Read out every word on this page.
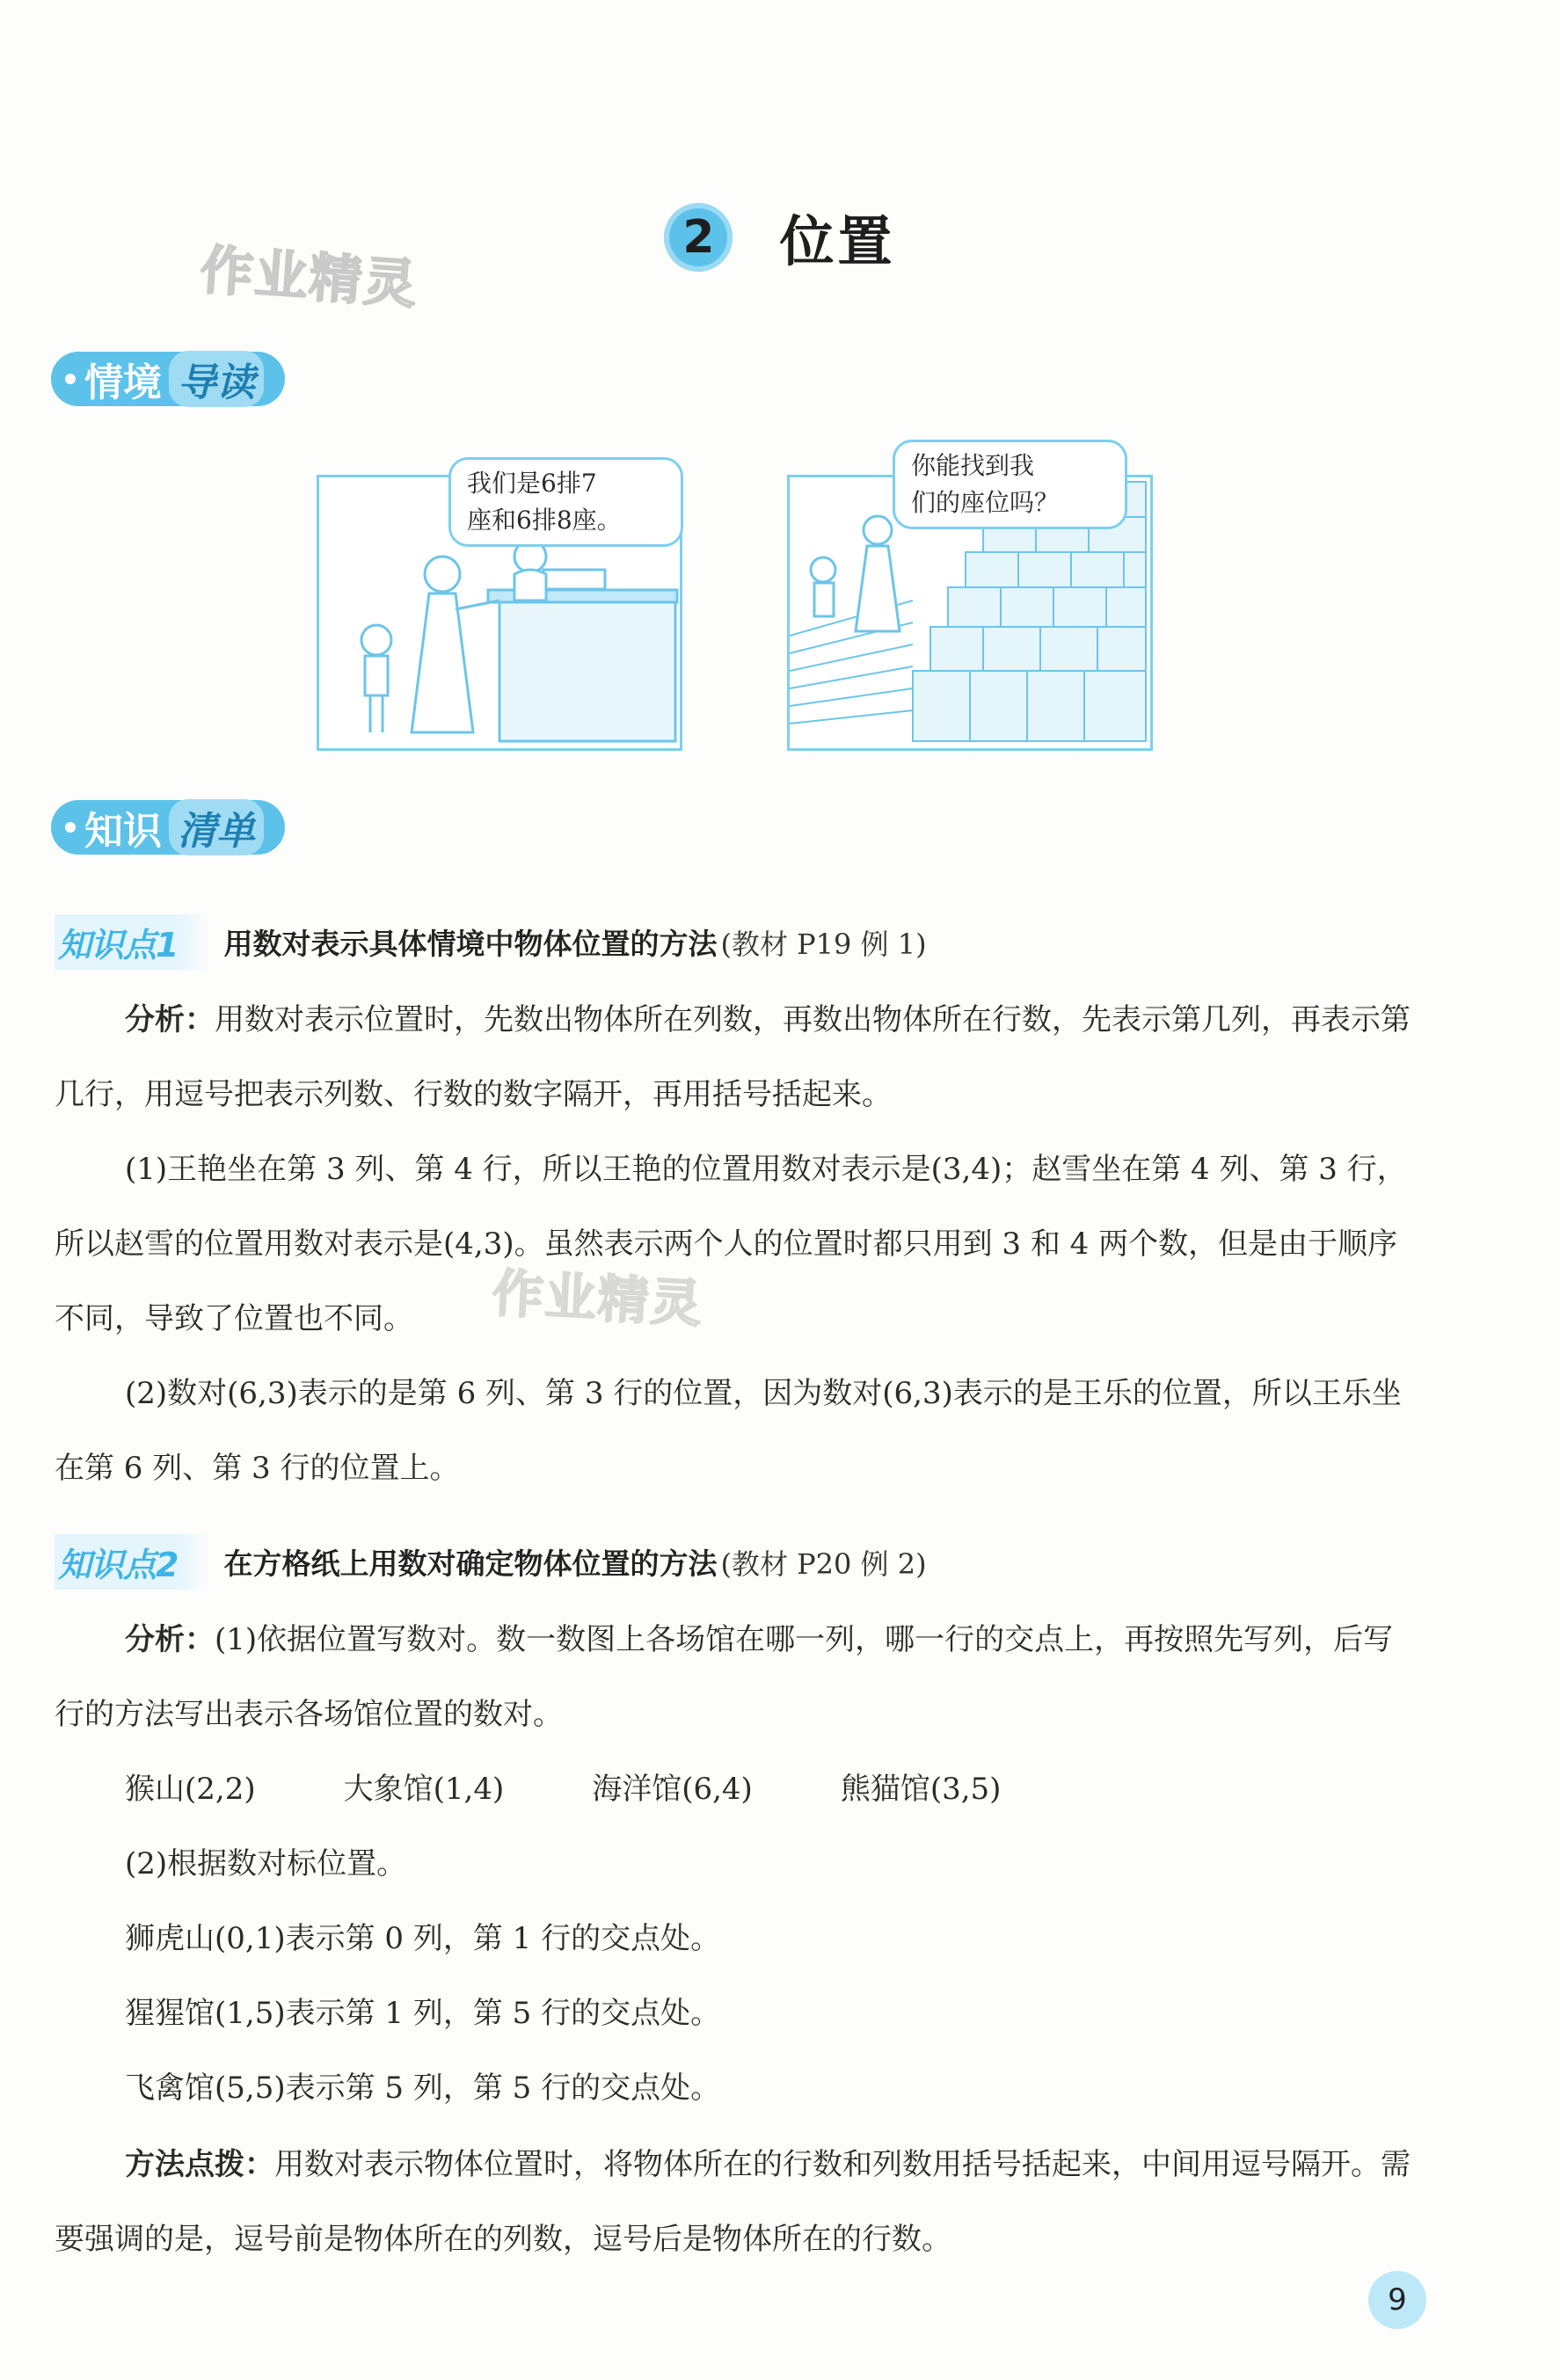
2 位置
作业精灵
情境 导读
我们是6排7
座和6排8座。
你能找到我
们的座位吗？
知识 清单
知识点1	用数对表示具体情境中物体位置的方法 (教材 P19 例 1)
分析：用数对表示位置时，先数出物体所在列数，再数出物体所在行数，先表示第几列，再表示第几行，用逗号把表示列数、行数的数字隔开，再用括号括起来。
(1)王艳坐在第 3 列、第 4 行，所以王艳的位置用数对表示是(3,4)；赵雪坐在第 4 列、第 3 行，所以赵雪的位置用数对表示是(4,3)。虽然表示两个人的位置时都只用到 3 和 4 两个数，但是由于顺序不同，导致了位置也不同。	作业精灵
(2)数对(6,3)表示的是第 6 列、第 3 行的位置，因为数对(6,3)表示的是王乐的位置，所以王乐坐在第 6 列、第 3 行的位置上。
知识点2	在方格纸上用数对确定物体位置的方法 (教材 P20 例 2)
分析：(1)依据位置写数对。数一数图上各场馆在哪一列，哪一行的交点上，再按照先写列，后写行的方法写出表示各场馆位置的数对。
猴山(2,2)	大象馆(1,4)	海洋馆(6,4)	熊猫馆(3,5)
(2)根据数对标位置。
狮虎山(0,1)表示第 0 列，第 1 行的交点处。
猩猩馆(1,5)表示第 1 列，第 5 行的交点处。
飞禽馆(5,5)表示第 5 列，第 5 行的交点处。
方法点拨：用数对表示物体位置时，将物体所在的行数和列数用括号括起来，中间用逗号隔开。需要强调的是，逗号前是物体所在的列数，逗号后是物体所在的行数。
9
